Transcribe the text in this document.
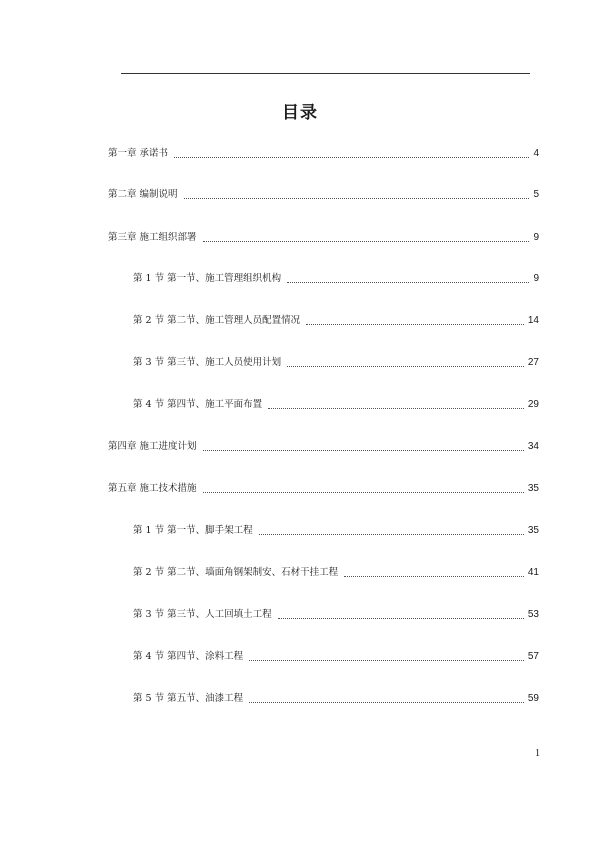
目录
第一章 承诺书	4
第二章 编制说明	5
第三章 施工组织部署	9
第 1 节 第一节、施工管理组织机构	9
第 2 节 第二节、施工管理人员配置情况	14
第 3 节 第三节、施工人员使用计划	27
第 4 节 第四节、施工平面布置	29
第四章 施工进度计划	34
第五章 施工技术措施	35
第 1 节 第一节、脚手架工程	35
第 2 节 第二节、墙面角钢架制安、石材干挂工程	41
第 3 节 第三节、人工回填土工程	53
第 4 节 第四节、涂料工程	57
第 5 节 第五节、油漆工程	59
1
